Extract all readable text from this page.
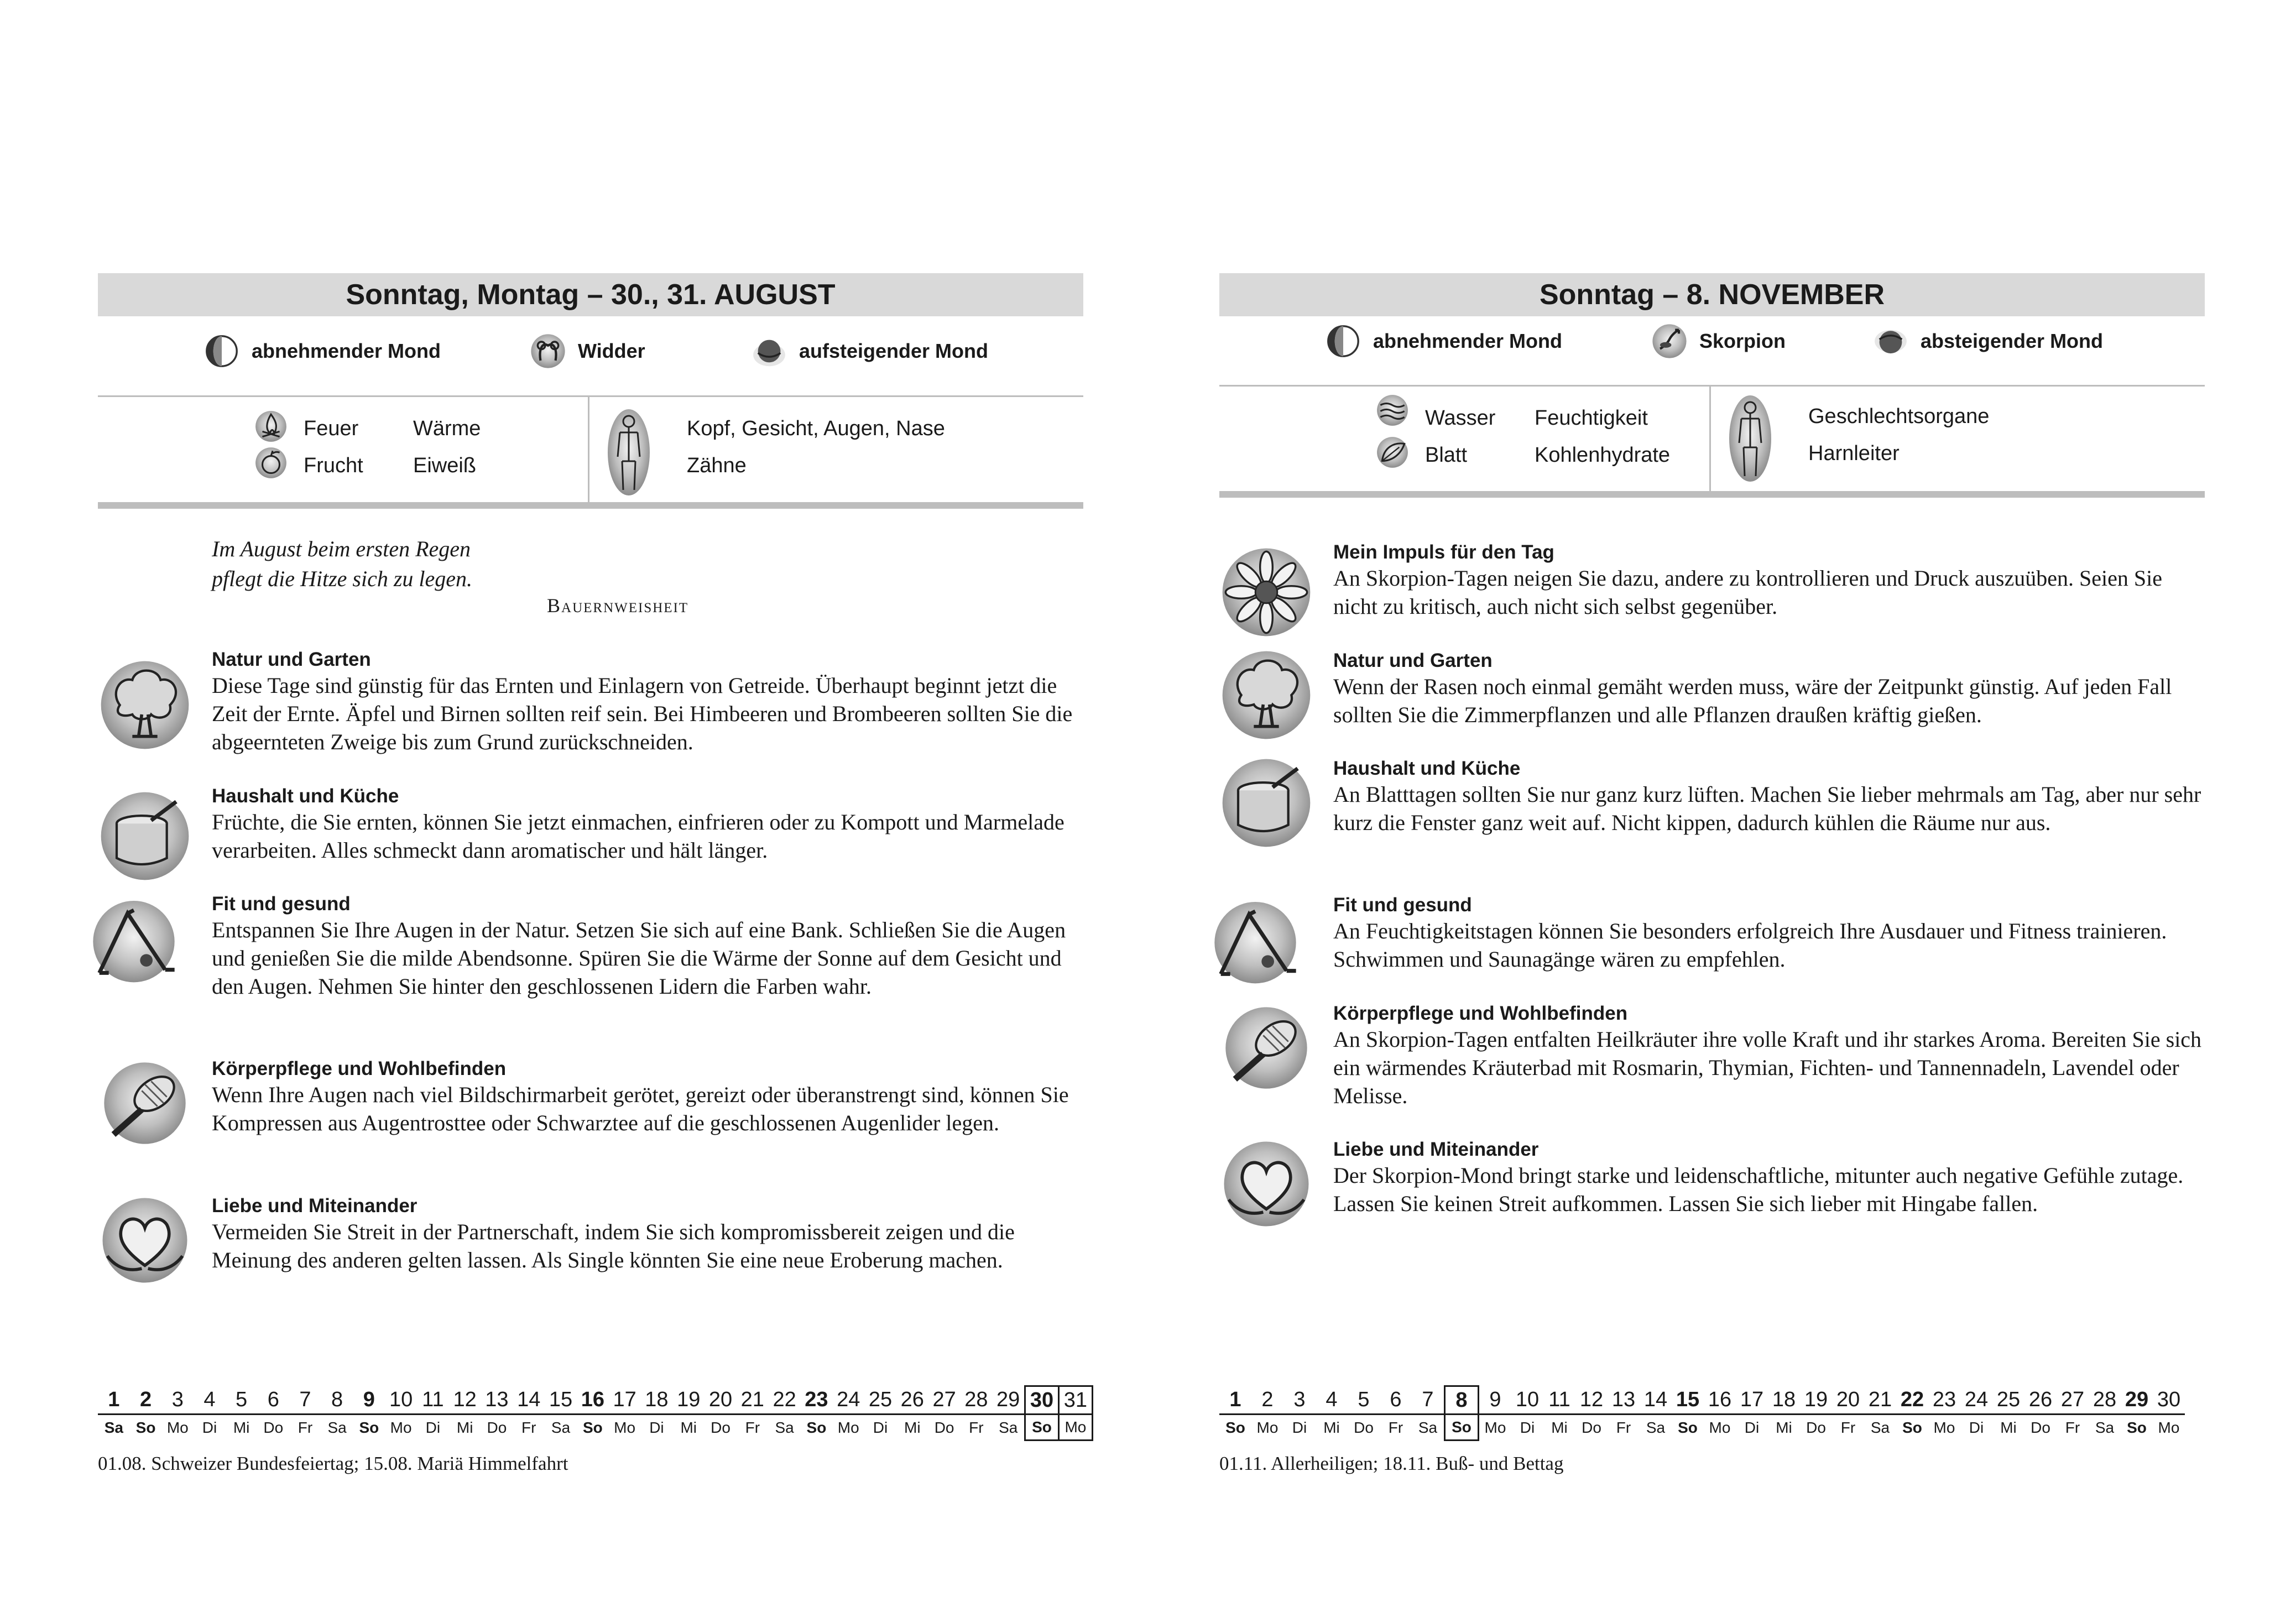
Sonntag, Montag – 30., 31. AUGUST
abnehmender Mond	Widder	aufsteigender Mond
Feuer	Wärme
Frucht Eiweiß
Kopf, Gesicht, Augen, Nase
Zähne
Im August beim ersten Regen
pflegt die Hitze sich zu legen.
Bauernweisheit
Natur und Garten
Diese Tage sind günstig für das Ernten und Einlagern von Getreide. Überhaupt beginnt jetzt die Zeit der Ernte. Äpfel und Birnen sollten reif sein. Bei Himbeeren und Brombeeren sollten Sie die abgeernteten Zweige bis zum Grund zurückschneiden.
Haushalt und Küche
Früchte, die Sie ernten, können Sie jetzt einmachen, einfrieren oder zu Kompott und Marmelade verarbeiten. Alles schmeckt dann aromatischer und hält länger.
Fit und gesund
Entspannen Sie Ihre Augen in der Natur. Setzen Sie sich auf eine Bank. Schließen Sie die Augen und genießen Sie die milde Abendsonne. Spüren Sie die Wärme der Sonne auf dem Gesicht und den Augen. Nehmen Sie hinter den geschlossenen Lidern die Farben wahr.
Körperpflege und Wohlbefinden
Wenn Ihre Augen nach viel Bildschirmarbeit gerötet, gereizt oder überanstrengt sind, können Sie Kompressen aus Augentrosttee oder Schwarztee auf die geschlossenen Augenlider legen.
Liebe und Miteinander
Vermeiden Sie Streit in der Partnerschaft, indem Sie sich kompromissbereit zeigen und die Meinung des anderen gelten lassen. Als Single könnten Sie eine neue Eroberung machen.
1	2	3	4	5	6	7	8	9	10	11	12	13	14	15	16	17	18	19	20	21	22	23	24	25	26	27	28	29	30	31
Sa	So	Mo	Di	Mi	Do	Fr	Sa	So	Mo	Di	Mi	Do	Fr	Sa	So	Mo	Di	Mi	Do	Fr	Sa	So	Mo	Di	Mi	Do	Fr	Sa	So	Mo
01.08. Schweizer Bundesfeiertag; 15.08. Mariä Himmelfahrt
Sonntag – 8. NOVEMBER
abnehmender Mond	Skorpion	absteigender Mond
Wasser Feuchtigkeit
Blatt	Kohlenhydrate
Geschlechtsorgane
Harnleiter
Mein Impuls für den Tag
An Skorpion-Tagen neigen Sie dazu, andere zu kontrollieren und Druck auszuüben. Seien Sie nicht zu kritisch, auch nicht sich selbst gegenüber.
Natur und Garten
Wenn der Rasen noch einmal gemäht werden muss, wäre der Zeitpunkt günstig. Auf jeden Fall sollten Sie die Zimmerpflanzen und alle Pflanzen draußen kräftig gießen.
Haushalt und Küche
An Blatttagen sollten Sie nur ganz kurz lüften. Machen Sie lieber mehrmals am Tag, aber nur sehr kurz die Fenster ganz weit auf. Nicht kippen, dadurch kühlen die Räume nur aus.
Fit und gesund
An Feuchtigkeitstagen können Sie besonders erfolgreich Ihre Ausdauer und Fitness trainieren. Schwimmen und Saunagänge wären zu empfehlen.
Körperpflege und Wohlbefinden
An Skorpion-Tagen entfalten Heilkräuter ihre volle Kraft und ihr starkes Aroma. Bereiten Sie sich ein wärmendes Kräuterbad mit Rosmarin, Thymian, Fichten- und Tannennadeln, Lavendel oder Melisse.
Liebe und Miteinander
Der Skorpion-Mond bringt starke und leidenschaftliche, mitunter auch negative Gefühle zutage. Lassen Sie keinen Streit aufkommen. Lassen Sie sich lieber mit Hingabe fallen.
1	2	3	4	5	6	7	8	9	10	11	12	13	14	15	16	17	18	19	20	21	22	23	24	25	26	27	28	29	30
So	Mo	Di	Mi	Do	Fr	Sa	So	Mo	Di	Mi	Do	Fr	Sa	So	Mo	Di	Mi	Do	Fr	Sa	So	Mo	Di	Mi	Do	Fr	Sa	So	Mo
01.11. Allerheiligen; 18.11. Buß- und Bettag
